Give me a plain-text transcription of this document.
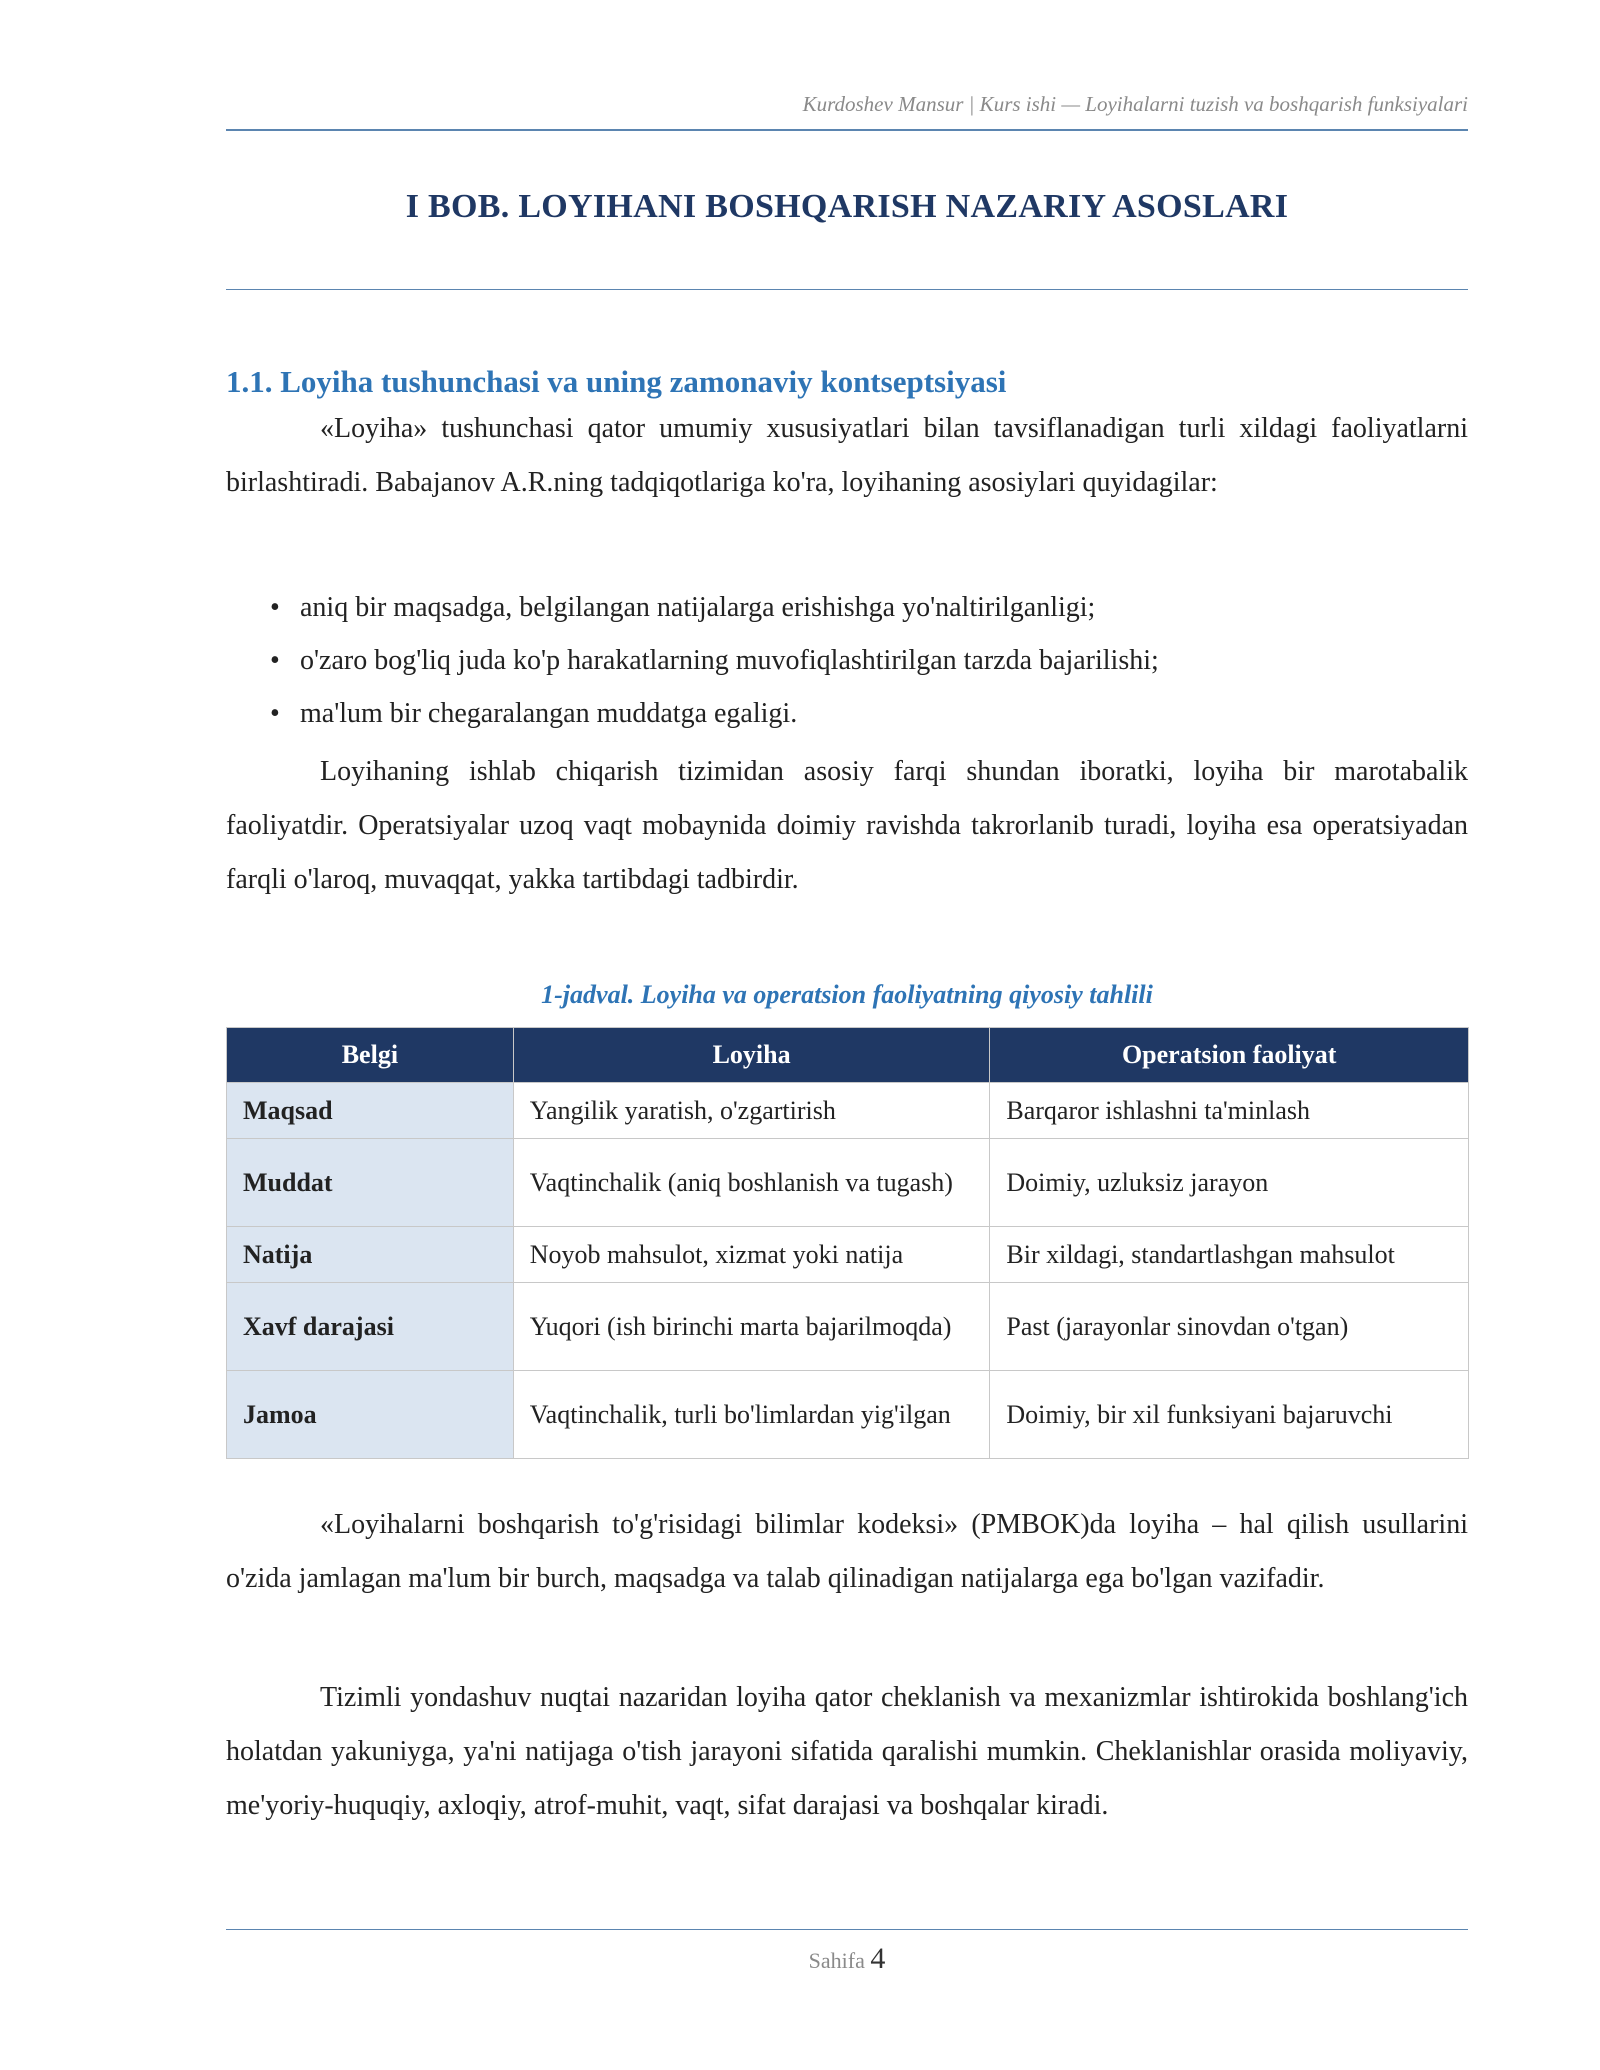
Kurdoshev Mansur | Kurs ishi — Loyihalarni tuzish va boshqarish funksiyalari
I BOB. LOYIHANI BOSHQARISH NAZARIY ASOSLARI
1.1. Loyiha tushunchasi va uning zamonaviy kontseptsiyasi

«Loyiha» tushunchasi qator umumiy xususiyatlari bilan tavsiflanadigan turli xildagi faoliyatlarni birlashtiradi. Babajanov A.R.ning tadqiqotlariga ko'ra, loyihaning asosiylari quyidagilar:

• aniq bir maqsadga, belgilangan natijalarga erishishga yo'naltirilganligi;
• o'zaro bog'liq juda ko'p harakatlarning muvofiqlashtirilgan tarzda bajarilishi;
• ma'lum bir chegaralangan muddatga egaligi.

Loyihaning ishlab chiqarish tizimidan asosiy farqi shundan iboratki, loyiha bir marotabalik faoliyatdir. Operatsiyalar uzoq vaqt mobaynida doimiy ravishda takrorlanib turadi, loyiha esa operatsiyadan farqli o'laroq, muvaqqat, yakka tartibdagi tadbirdir.

1-jadval. Loyiha va operatsion faoliyatning qiyosiy tahlili
Belgi	Loyiha	Operatsion faoliyat
Maqsad	Yangilik yaratish, o'zgartirish	Barqaror ishlashni ta'minlash
Muddat	Vaqtinchalik (aniq boshlanish va tugash)	Doimiy, uzluksiz jarayon
Natija	Noyob mahsulot, xizmat yoki natija	Bir xildagi, standartlashgan mahsulot
Xavf darajasi	Yuqori (ish birinchi marta bajarilmoqda)	Past (jarayonlar sinovdan o'tgan)
Jamoa	Vaqtinchalik, turli bo'limlardan yig'ilgan	Doimiy, bir xil funksiyani bajaruvchi

«Loyihalarni boshqarish to'g'risidagi bilimlar kodeksi» (PMBOK)da loyiha – hal qilish usullarini o'zida jamlagan ma'lum bir burch, maqsadga va talab qilinadigan natijalarga ega bo'lgan vazifadir.

Tizimli yondashuv nuqtai nazaridan loyiha qator cheklanish va mexanizmlar ishtirokida boshlang'ich holatdan yakuniyga, ya'ni natijaga o'tish jarayoni sifatida qaralishi mumkin. Cheklanishlar orasida moliyaviy, me'yoriy-huquqiy, axloqiy, atrof-muhit, vaqt, sifat darajasi va boshqalar kiradi.

Sahifa 4
